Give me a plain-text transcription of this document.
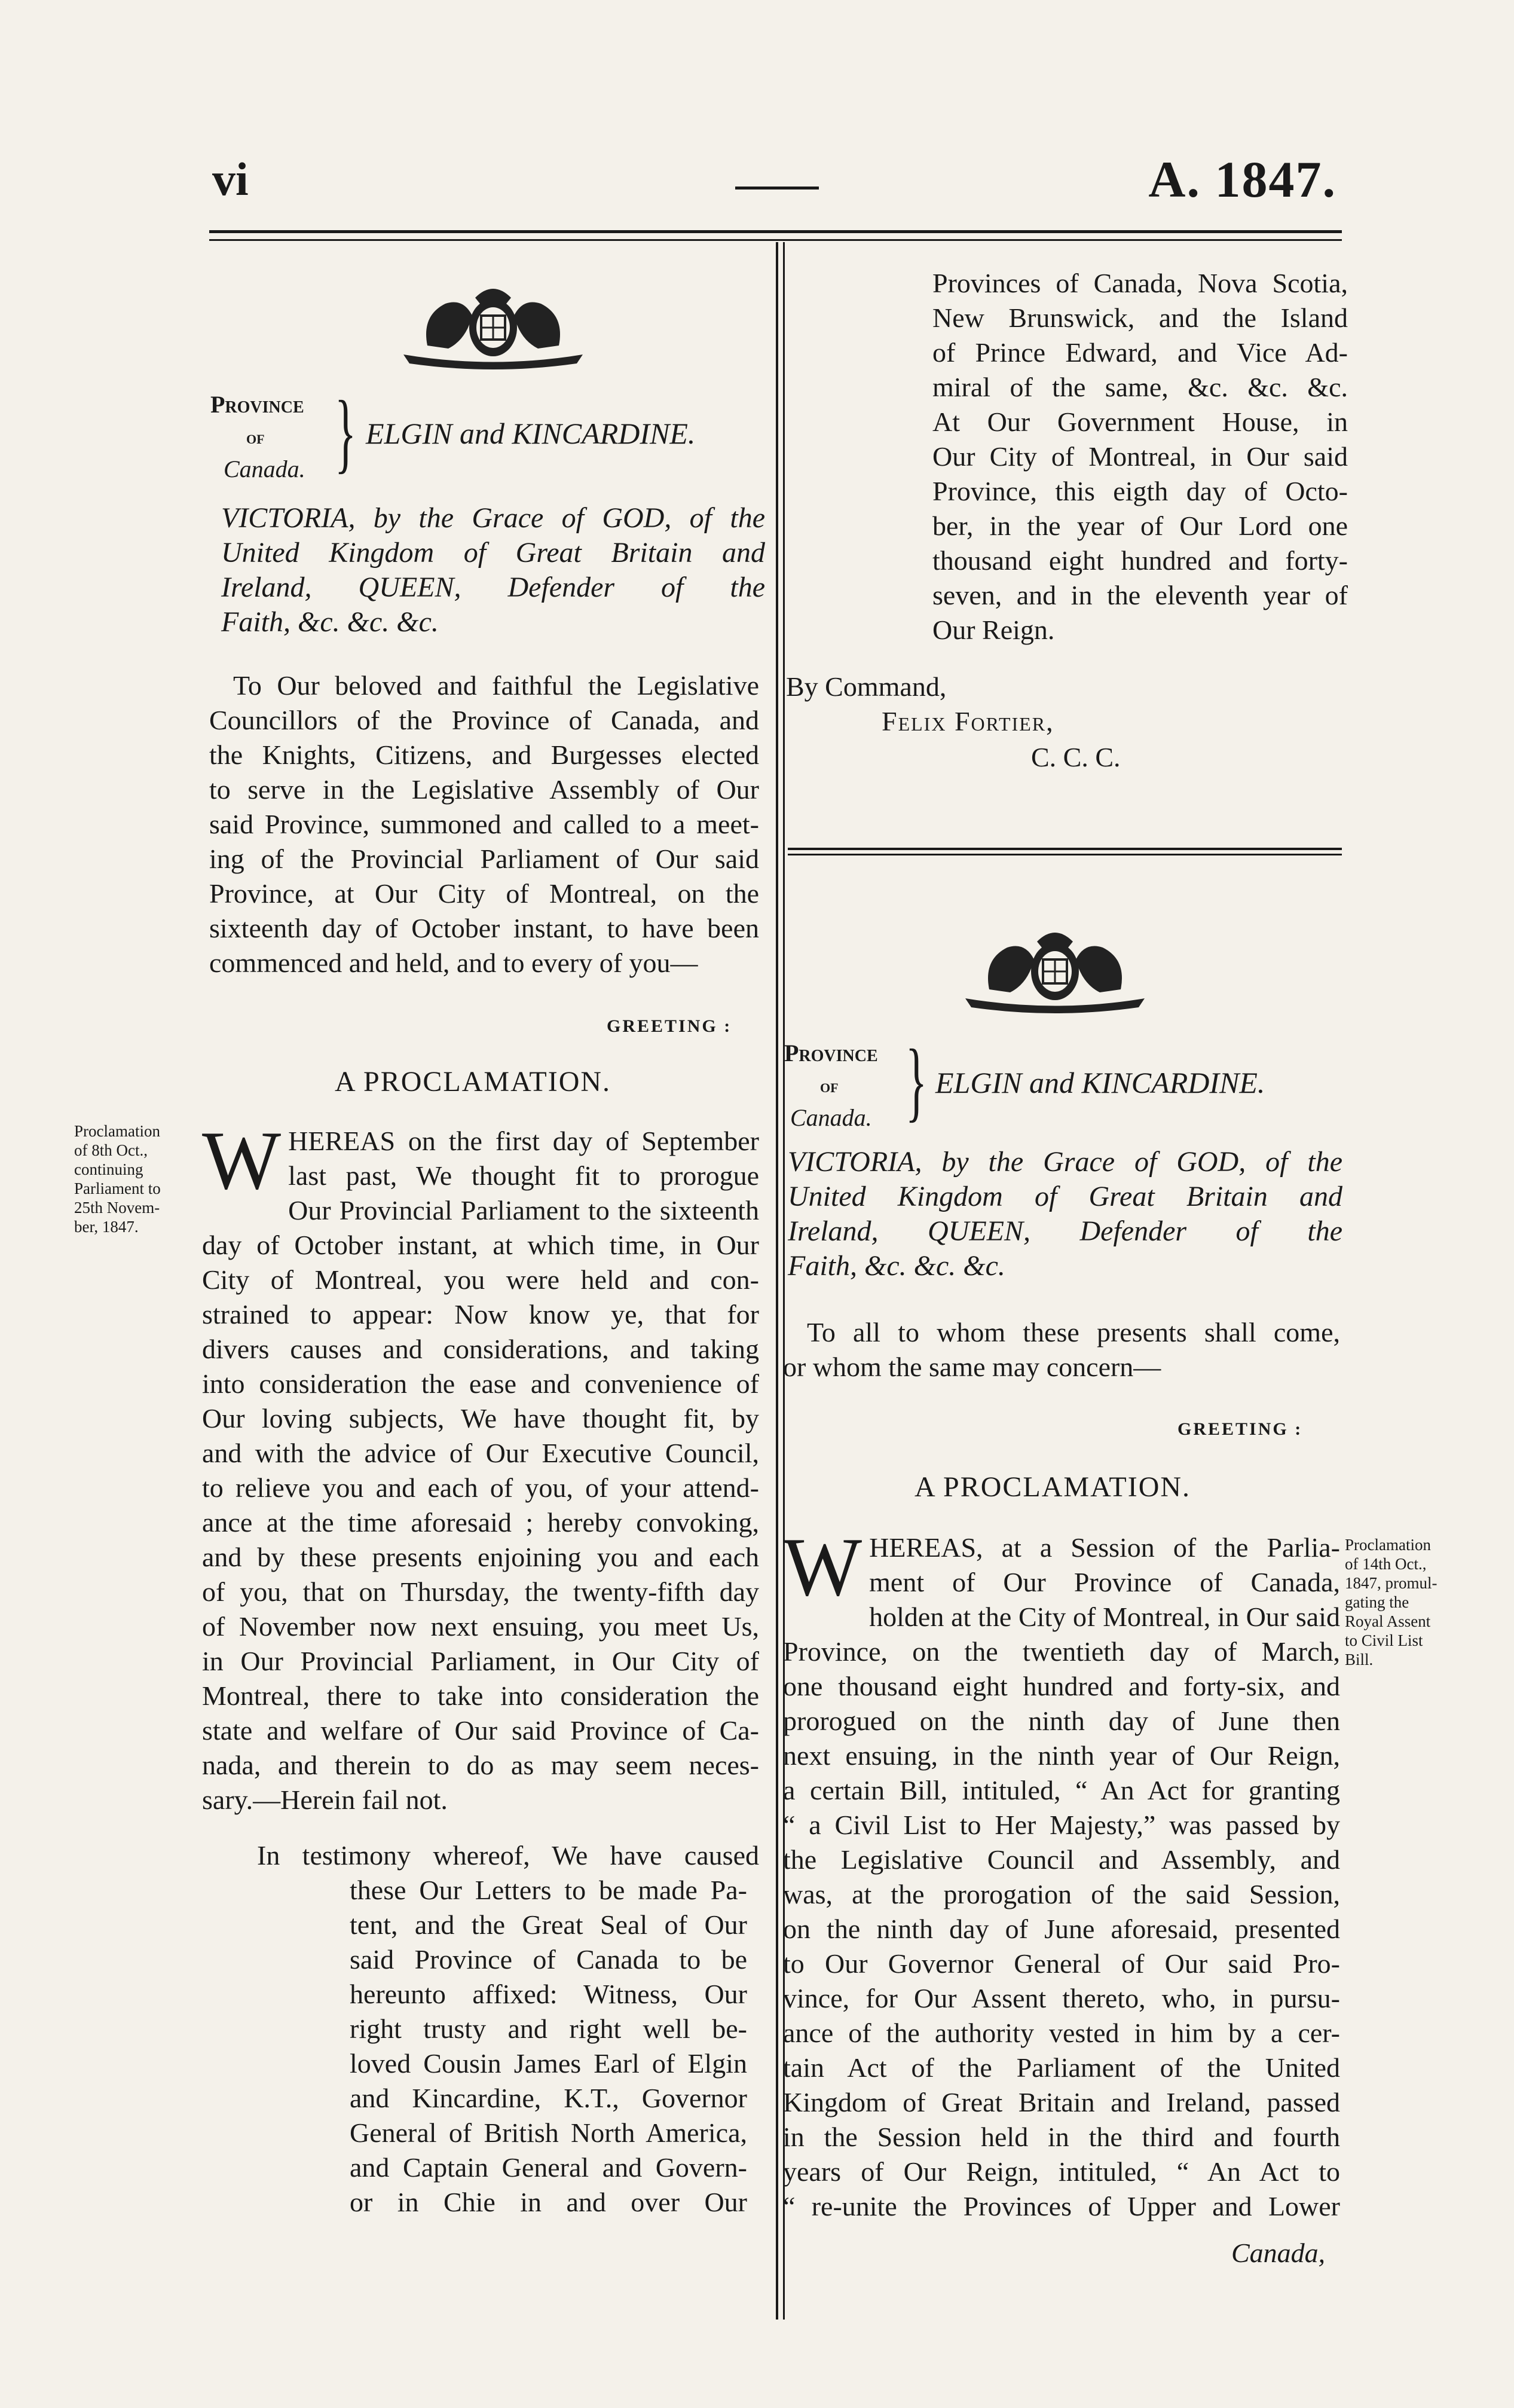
vi	A. 1847.
Province
of
Canada. } ELGIN and KINCARDINE.
VICTORIA, by the Grace of GOD, of the
United Kingdom of Great Britain and
Ireland, QUEEN, Defender of the
Faith, &c. &c. &c.
To Our beloved and faithful the Legislative
Councillors of the Province of Canada, and
the Knights, Citizens, and Burgesses elected
to serve in the Legislative Assembly of Our
said Province, summoned and called to a meet-
ing of the Provincial Parliament of Our said
Province, at Our City of Montreal, on the
sixteenth day of October instant, to have been
commenced and held, and to every of you—
GREETING :
A PROCLAMATION.
Proclamation
of 8th Oct.,
continuing
Parliament to
25th Novem-
ber, 1847.
W HEREAS on the first day of September
last past, We thought fit to prorogue
Our Provincial Parliament to the sixteenth
day of October instant, at which time, in Our
City of Montreal, you were held and con-
strained to appear: Now know ye, that for
divers causes and considerations, and taking
into consideration the ease and convenience of
Our loving subjects, We have thought fit, by
and with the advice of Our Executive Council,
to relieve you and each of you, of your attend-
ance at the time aforesaid ; hereby convoking,
and by these presents enjoining you and each
of you, that on Thursday, the twenty-fifth day
of November now next ensuing, you meet Us,
in Our Provincial Parliament, in Our City of
Montreal, there to take into consideration the
state and welfare of Our said Province of Ca-
nada, and therein to do as may seem neces-
sary.—Herein fail not.
In testimony whereof, We have caused
these Our Letters to be made Pa-
tent, and the Great Seal of Our
said Province of Canada to be
hereunto affixed: Witness, Our
right trusty and right well be-
loved Cousin James Earl of Elgin
and Kincardine, K.T., Governor
General of British North America,
and Captain General and Govern-
or in Chie in and over Our
Provinces of Canada, Nova Scotia,
New Brunswick, and the Island
of Prince Edward, and Vice Ad-
miral of the same, &c. &c. &c.
At Our Government House, in
Our City of Montreal, in Our said
Province, this eigth day of Octo-
ber, in the year of Our Lord one
thousand eight hundred and forty-
seven, and in the eleventh year of
Our Reign.
By Command,
Felix Fortier,
C. C. C.
Province
of
Canada. } ELGIN and KINCARDINE.
VICTORIA, by the Grace of GOD, of the
United Kingdom of Great Britain and
Ireland, QUEEN, Defender of the
Faith, &c. &c. &c.
To all to whom these presents shall come,
or whom the same may concern—
GREETING :
A PROCLAMATION.
Proclamation
of 14th Oct.,
1847, promul-
gating the
Royal Assent
to Civil List
Bill.
W HEREAS, at a Session of the Parlia-
ment of Our Province of Canada,
holden at the City of Montreal, in Our said
Province, on the twentieth day of March,
one thousand eight hundred and forty-six, and
prorogued on the ninth day of June then
next ensuing, in the ninth year of Our Reign,
a certain Bill, intituled, “ An Act for granting
“ a Civil List to Her Majesty,” was passed by
the Legislative Council and Assembly, and
was, at the prorogation of the said Session,
on the ninth day of June aforesaid, presented
to Our Governor General of Our said Pro-
vince, for Our Assent thereto, who, in pursu-
ance of the authority vested in him by a cer-
tain Act of the Parliament of the United
Kingdom of Great Britain and Ireland, passed
in the Session held in the third and fourth
years of Our Reign, intituled, “ An Act to
“ re-unite the Provinces of Upper and Lower
Canada,
